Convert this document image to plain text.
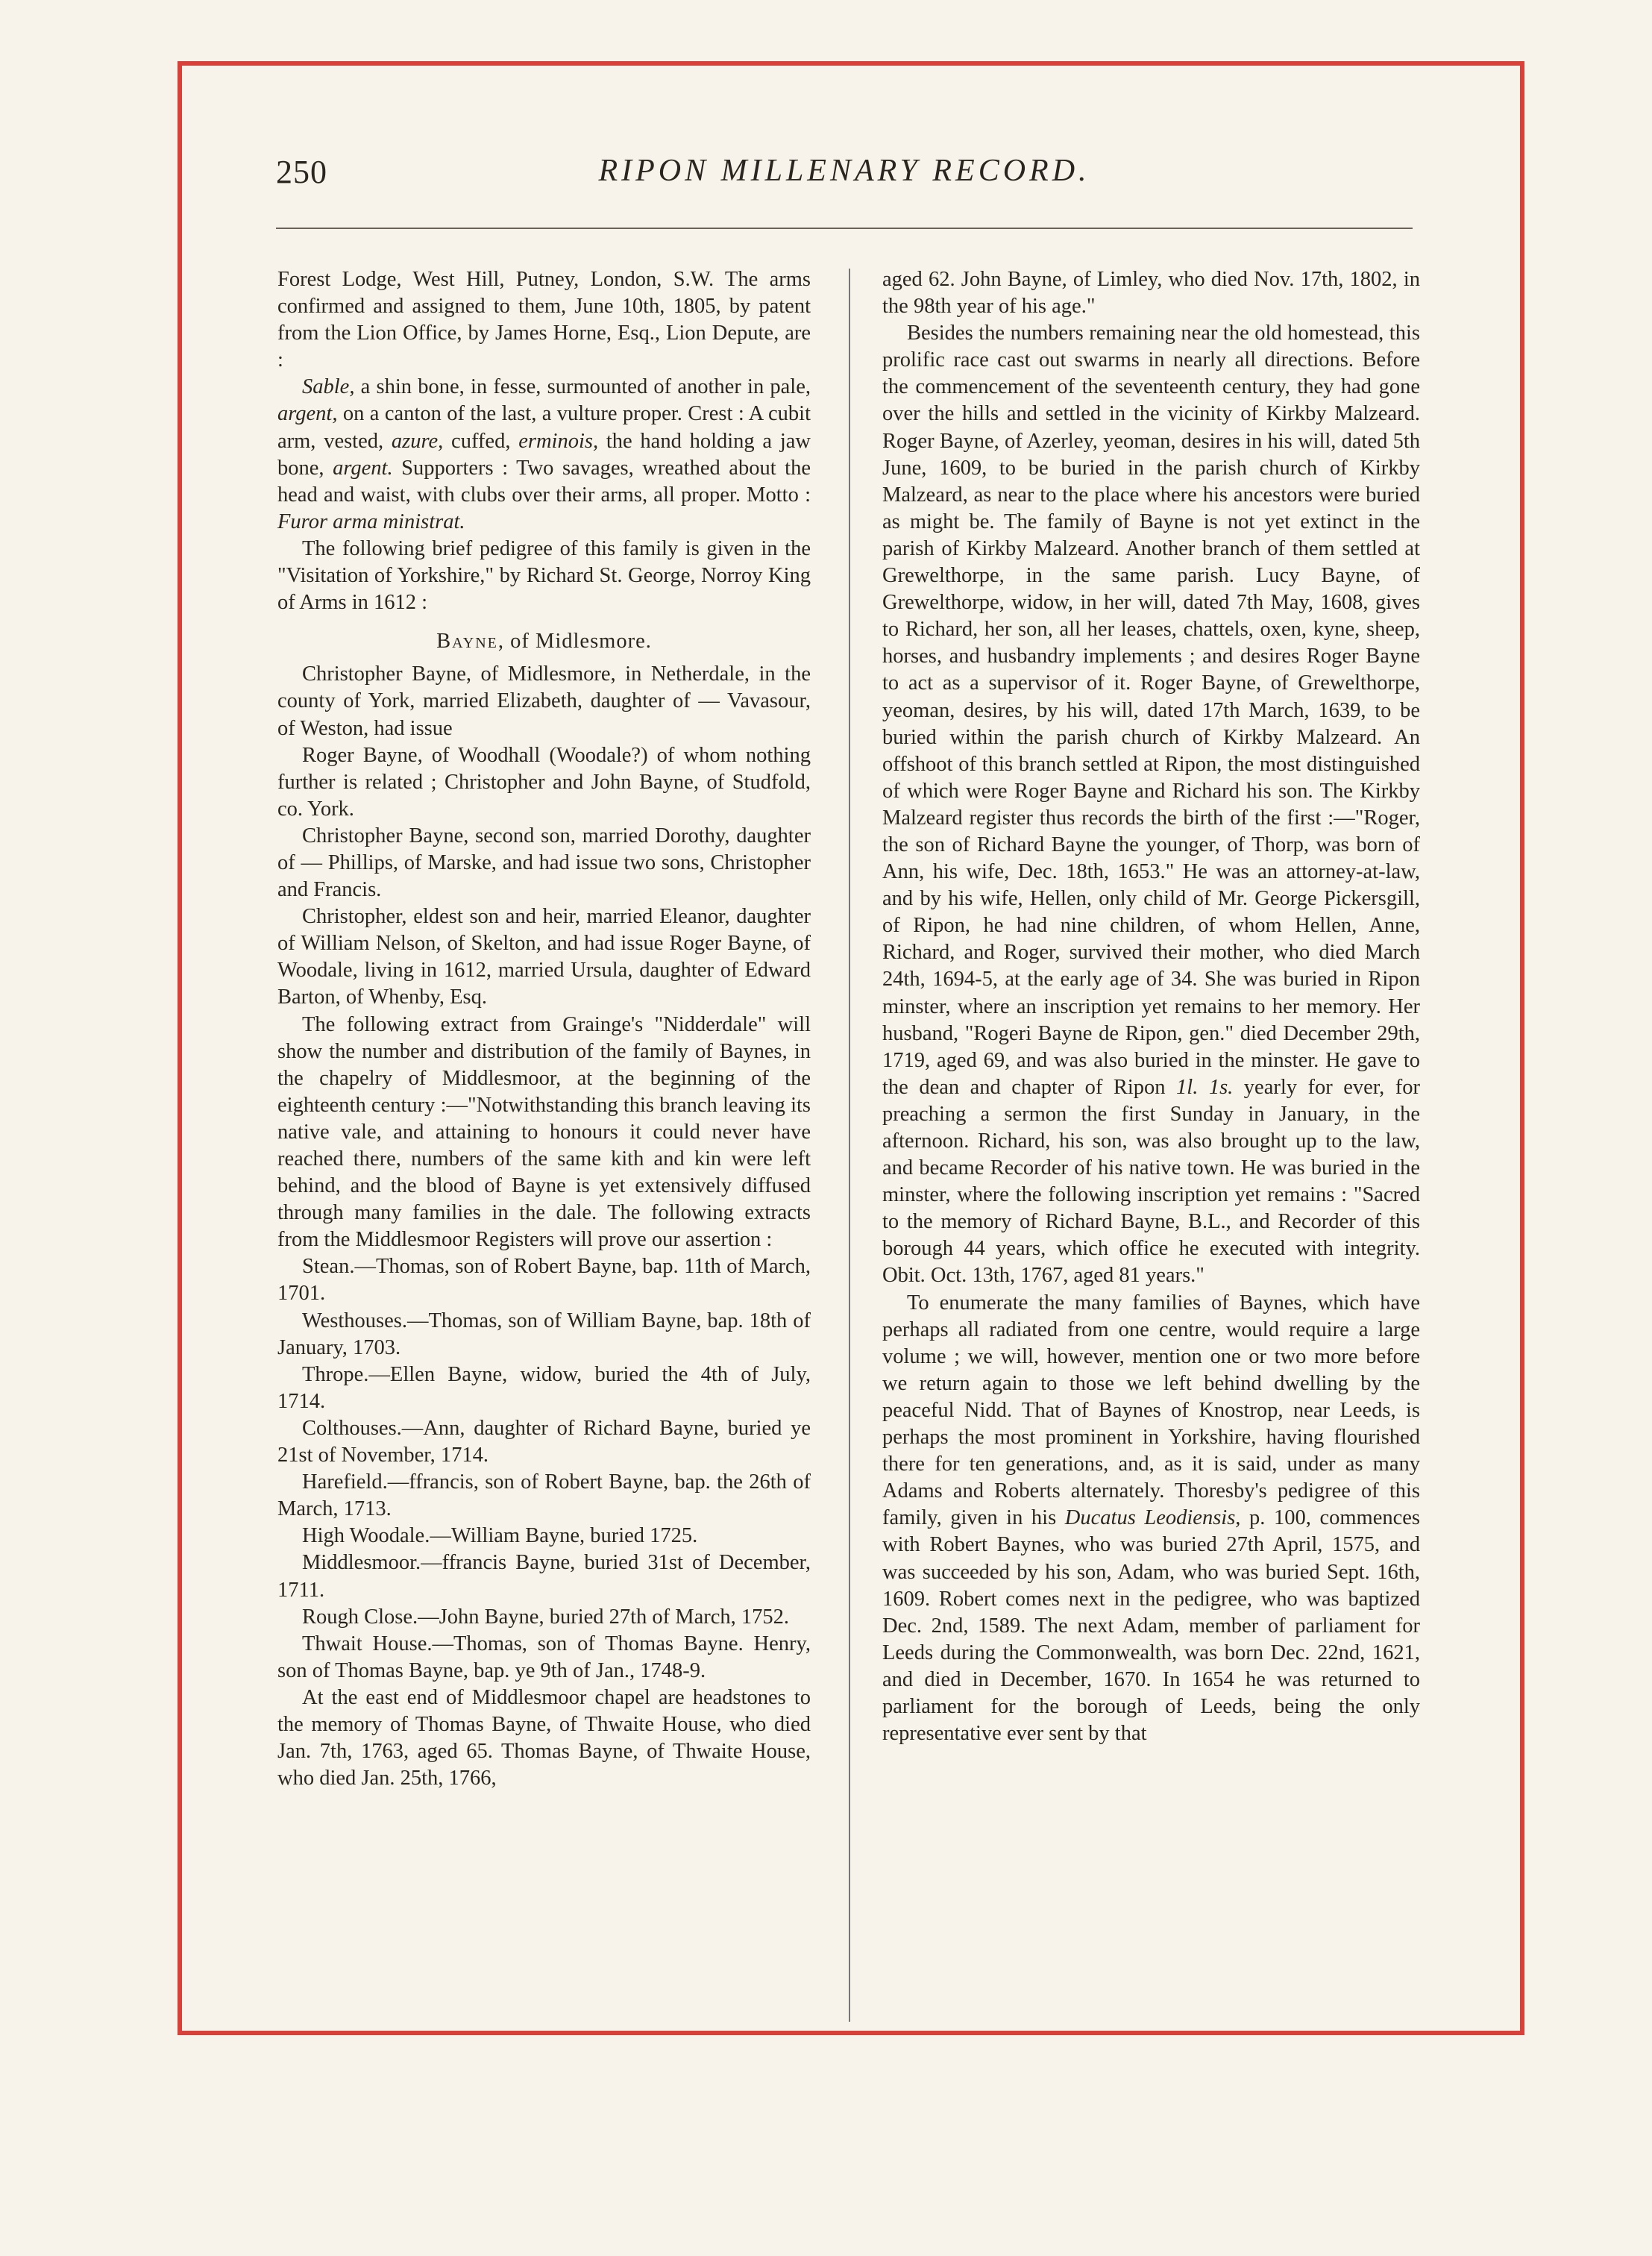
250	RIPON MILLENARY RECORD.

Forest Lodge, West Hill, Putney, London, S.W. The arms confirmed and assigned to them, June 10th, 1805, by patent from the Lion Office, by James Horne, Esq., Lion Depute, are :

Sable, a shin bone, in fesse, surmounted of another in pale, argent, on a canton of the last, a vulture proper. Crest : A cubit arm, vested, azure, cuffed, erminois, the hand holding a jaw bone, argent. Supporters : Two savages, wreathed about the head and waist, with clubs over their arms, all proper. Motto : Furor arma ministrat.

The following brief pedigree of this family is given in the "Visitation of Yorkshire," by Richard St. George, Norroy King of Arms in 1612 :

Bayne, of Midlesmore.

Christopher Bayne, of Midlesmore, in Netherdale, in the county of York, married Elizabeth, daughter of — Vavasour, of Weston, had issue

Roger Bayne, of Woodhall (Woodale?) of whom nothing further is related ; Christopher and John Bayne, of Studfold, co. York.

Christopher Bayne, second son, married Dorothy, daughter of — Phillips, of Marske, and had issue two sons, Christopher and Francis.

Christopher, eldest son and heir, married Eleanor, daughter of William Nelson, of Skelton, and had issue Roger Bayne, of Woodale, living in 1612, married Ursula, daughter of Edward Barton, of Whenby, Esq.

The following extract from Grainge's "Nidderdale" will show the number and distribution of the family of Baynes, in the chapelry of Middlesmoor, at the beginning of the eighteenth century :—"Notwithstanding this branch leaving its native vale, and attaining to honours it could never have reached there, numbers of the same kith and kin were left behind, and the blood of Bayne is yet extensively diffused through many families in the dale. The following extracts from the Middlesmoor Registers will prove our assertion :

Stean.—Thomas, son of Robert Bayne, bap. 11th of March, 1701.

Westhouses.—Thomas, son of William Bayne, bap. 18th of January, 1703.

Thrope.—Ellen Bayne, widow, buried the 4th of July, 1714.

Colthouses.—Ann, daughter of Richard Bayne, buried ye 21st of November, 1714.

Harefield.—ffrancis, son of Robert Bayne, bap. the 26th of March, 1713.

High Woodale.—William Bayne, buried 1725.

Middlesmoor.—ffrancis Bayne, buried 31st of December, 1711.

Rough Close.—John Bayne, buried 27th of March, 1752.

Thwait House.—Thomas, son of Thomas Bayne. Henry, son of Thomas Bayne, bap. ye 9th of Jan., 1748-9.

At the east end of Middlesmoor chapel are headstones to the memory of Thomas Bayne, of Thwaite House, who died Jan. 7th, 1763, aged 65. Thomas Bayne, of Thwaite House, who died Jan. 25th, 1766,

aged 62. John Bayne, of Limley, who died Nov. 17th, 1802, in the 98th year of his age."

Besides the numbers remaining near the old homestead, this prolific race cast out swarms in nearly all directions. Before the commencement of the seventeenth century, they had gone over the hills and settled in the vicinity of Kirkby Malzeard. Roger Bayne, of Azerley, yeoman, desires in his will, dated 5th June, 1609, to be buried in the parish church of Kirkby Malzeard, as near to the place where his ancestors were buried as might be. The family of Bayne is not yet extinct in the parish of Kirkby Malzeard. Another branch of them settled at Grewelthorpe, in the same parish. Lucy Bayne, of Grewelthorpe, widow, in her will, dated 7th May, 1608, gives to Richard, her son, all her leases, chattels, oxen, kyne, sheep, horses, and husbandry implements ; and desires Roger Bayne to act as a supervisor of it. Roger Bayne, of Grewelthorpe, yeoman, desires, by his will, dated 17th March, 1639, to be buried within the parish church of Kirkby Malzeard. An offshoot of this branch settled at Ripon, the most distinguished of which were Roger Bayne and Richard his son. The Kirkby Malzeard register thus records the birth of the first :—"Roger, the son of Richard Bayne the younger, of Thorp, was born of Ann, his wife, Dec. 18th, 1653." He was an attorney-at-law, and by his wife, Hellen, only child of Mr. George Pickersgill, of Ripon, he had nine children, of whom Hellen, Anne, Richard, and Roger, survived their mother, who died March 24th, 1694-5, at the early age of 34. She was buried in Ripon minster, where an inscription yet remains to her memory. Her husband, "Rogeri Bayne de Ripon, gen." died December 29th, 1719, aged 69, and was also buried in the minster. He gave to the dean and chapter of Ripon 1l. 1s. yearly for ever, for preaching a sermon the first Sunday in January, in the afternoon. Richard, his son, was also brought up to the law, and became Recorder of his native town. He was buried in the minster, where the following inscription yet remains : "Sacred to the memory of Richard Bayne, B.L., and Recorder of this borough 44 years, which office he executed with integrity. Obit. Oct. 13th, 1767, aged 81 years."

To enumerate the many families of Baynes, which have perhaps all radiated from one centre, would require a large volume ; we will, however, mention one or two more before we return again to those we left behind dwelling by the peaceful Nidd. That of Baynes of Knostrop, near Leeds, is perhaps the most prominent in Yorkshire, having flourished there for ten generations, and, as it is said, under as many Adams and Roberts alternately. Thoresby's pedigree of this family, given in his Ducatus Leodiensis, p. 100, commences with Robert Baynes, who was buried 27th April, 1575, and was succeeded by his son, Adam, who was buried Sept. 16th, 1609. Robert comes next in the pedigree, who was baptized Dec. 2nd, 1589. The next Adam, member of parliament for Leeds during the Commonwealth, was born Dec. 22nd, 1621, and died in December, 1670. In 1654 he was returned to parliament for the borough of Leeds, being the only representative ever sent by that
